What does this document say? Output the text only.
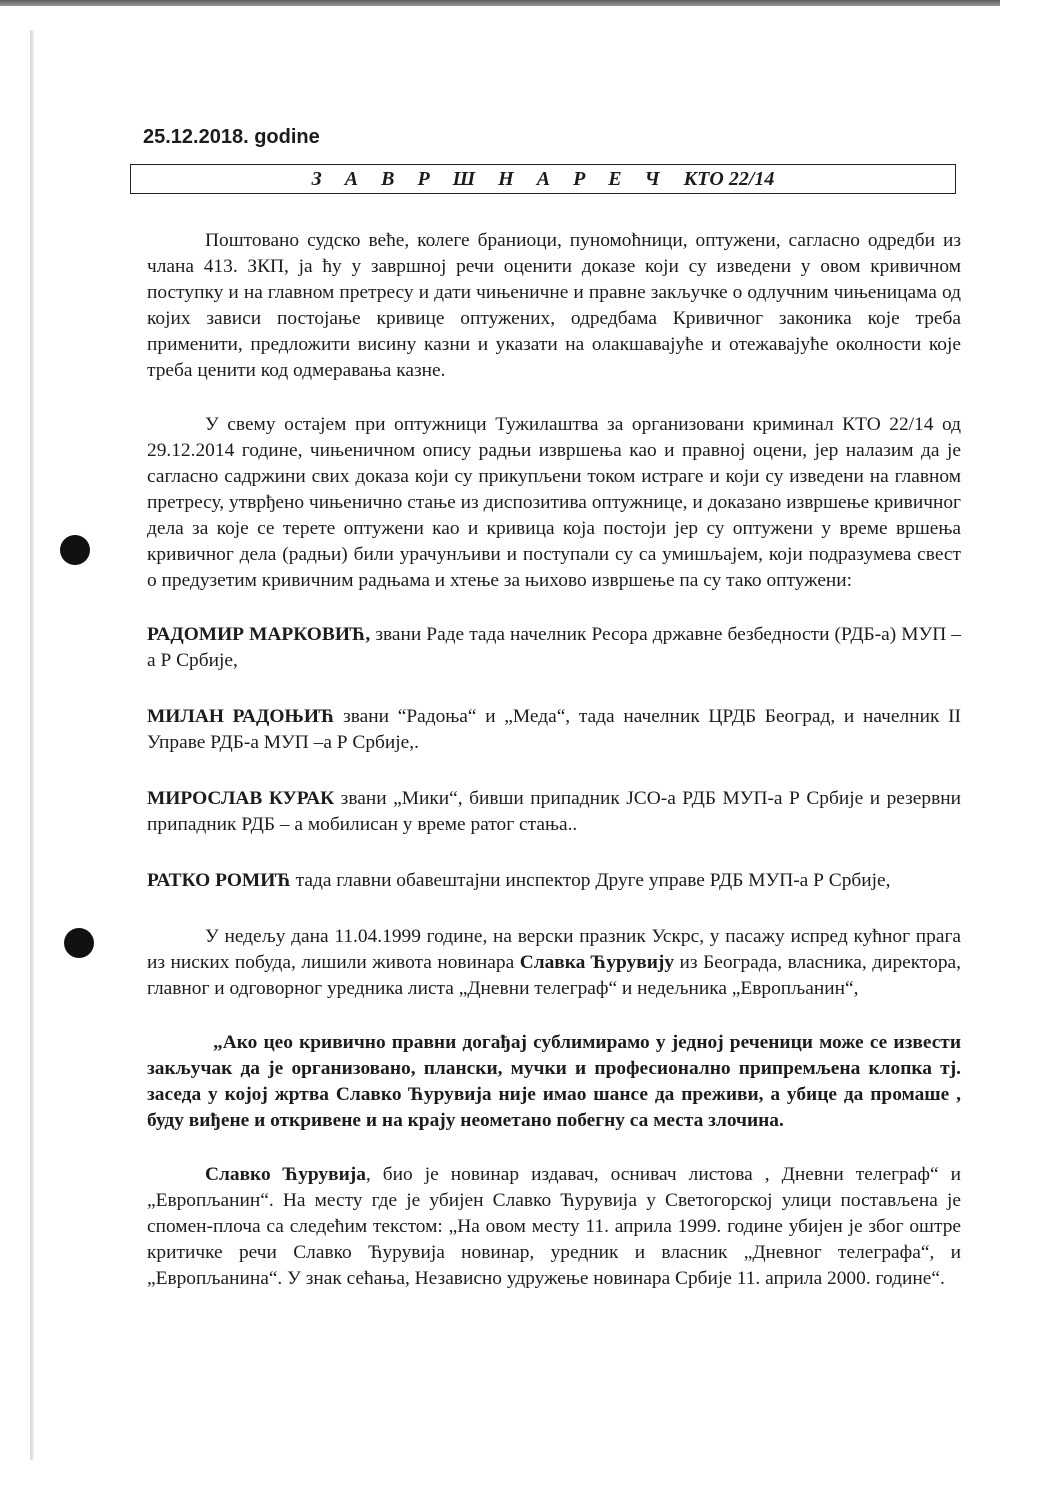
25.12.2018. godine
З А В Р Ш Н А Р Е Ч КТО 22/14

Поштовано судско веће, колеге браниоци, пуномоћници, оптужени, сагласно одредби из члана 413. ЗКП, ја ћу у завршној речи оценити доказе који су изведени у овом кривичном поступку и на главном претресу и дати чињеничне и правне закључке о одлучним чињеницама од којих зависи постојање кривице оптужених, одредбама Кривичног законика које треба применити, предложити висину казни и указати на олакшавајуће и отежавајуће околности које треба ценити код одмеравања казне.

У свему остајем при оптужници Тужилаштва за организовани криминал КТО 22/14 од 29.12.2014 године, чињеничном опису радњи извршења као и правној оцени, јер налазим да је сагласно садржини свих доказа који су прикупљени током истраге и који су изведени на главном претресу, утврђено чињенично стање из диспозитива оптужнице, и доказано извршење кривичног дела за које се терете оптужени као и кривица која постоји јер су оптужени у време вршења кривичног дела (радњи) били урачунљиви и поступали су са умишљајем, који подразумева свест о предузетим кривичним радњама и хтење за њихово извршење па су тако оптужени:

РАДОМИР МАРКОВИЋ, звани Раде тада начелник Ресора државне безбедности (РДБ-а) МУП –а Р Србије,

МИЛАН РАДОЊИЋ звани “Радоња“ и „Меда“, тада начелник ЦРДБ Београд, и начелник II Управе РДБ-а МУП –а Р Србије,.

МИРОСЛАВ КУРАК звани „Мики“, бивши припадник ЈСО-а РДБ МУП-а Р Србије и резервни припадник РДБ – а мобилисан у време ратог стања..

РАТКО РОМИЋ тада главни обавештајни инспектор Друге управе РДБ МУП-а Р Србије,

У недељу дана 11.04.1999 године, на верски празник Ускрс, у пасажу испред кућног прага из ниских побуда, лишили живота новинара Славка Ћурувију из Београда, власника, директора, главног и одговорног уредника листа „Дневни телеграф“ и недељника „Европљанин“,

„Ако цео кривично правни догађај сублимирамо у једној реченици може се извести закључак да је организовано, плански, мучки и професионално припремљена клопка тј. заседа у којој жртва Славко Ћурувија није имао шансе да преживи, а убице да промаше , буду виђене и откривене и на крају неометано побегну са места злочина.

Славко Ћурувија, био је новинар издавач, оснивач листова , Дневни телеграф“ и „Европљанин“. На месту где је убијен Славко Ћурувија у Светогорској улици постављена је спомен-плоча са следећим текстом: „На овом месту 11. априла 1999. године убијен је због оштре критичке речи Славко Ћурувија новинар, уредник и власник „Дневног телеграфа“, и „Европљанина“. У знак сећања, Независно удружење новинара Србије 11. априла 2000. године“.
